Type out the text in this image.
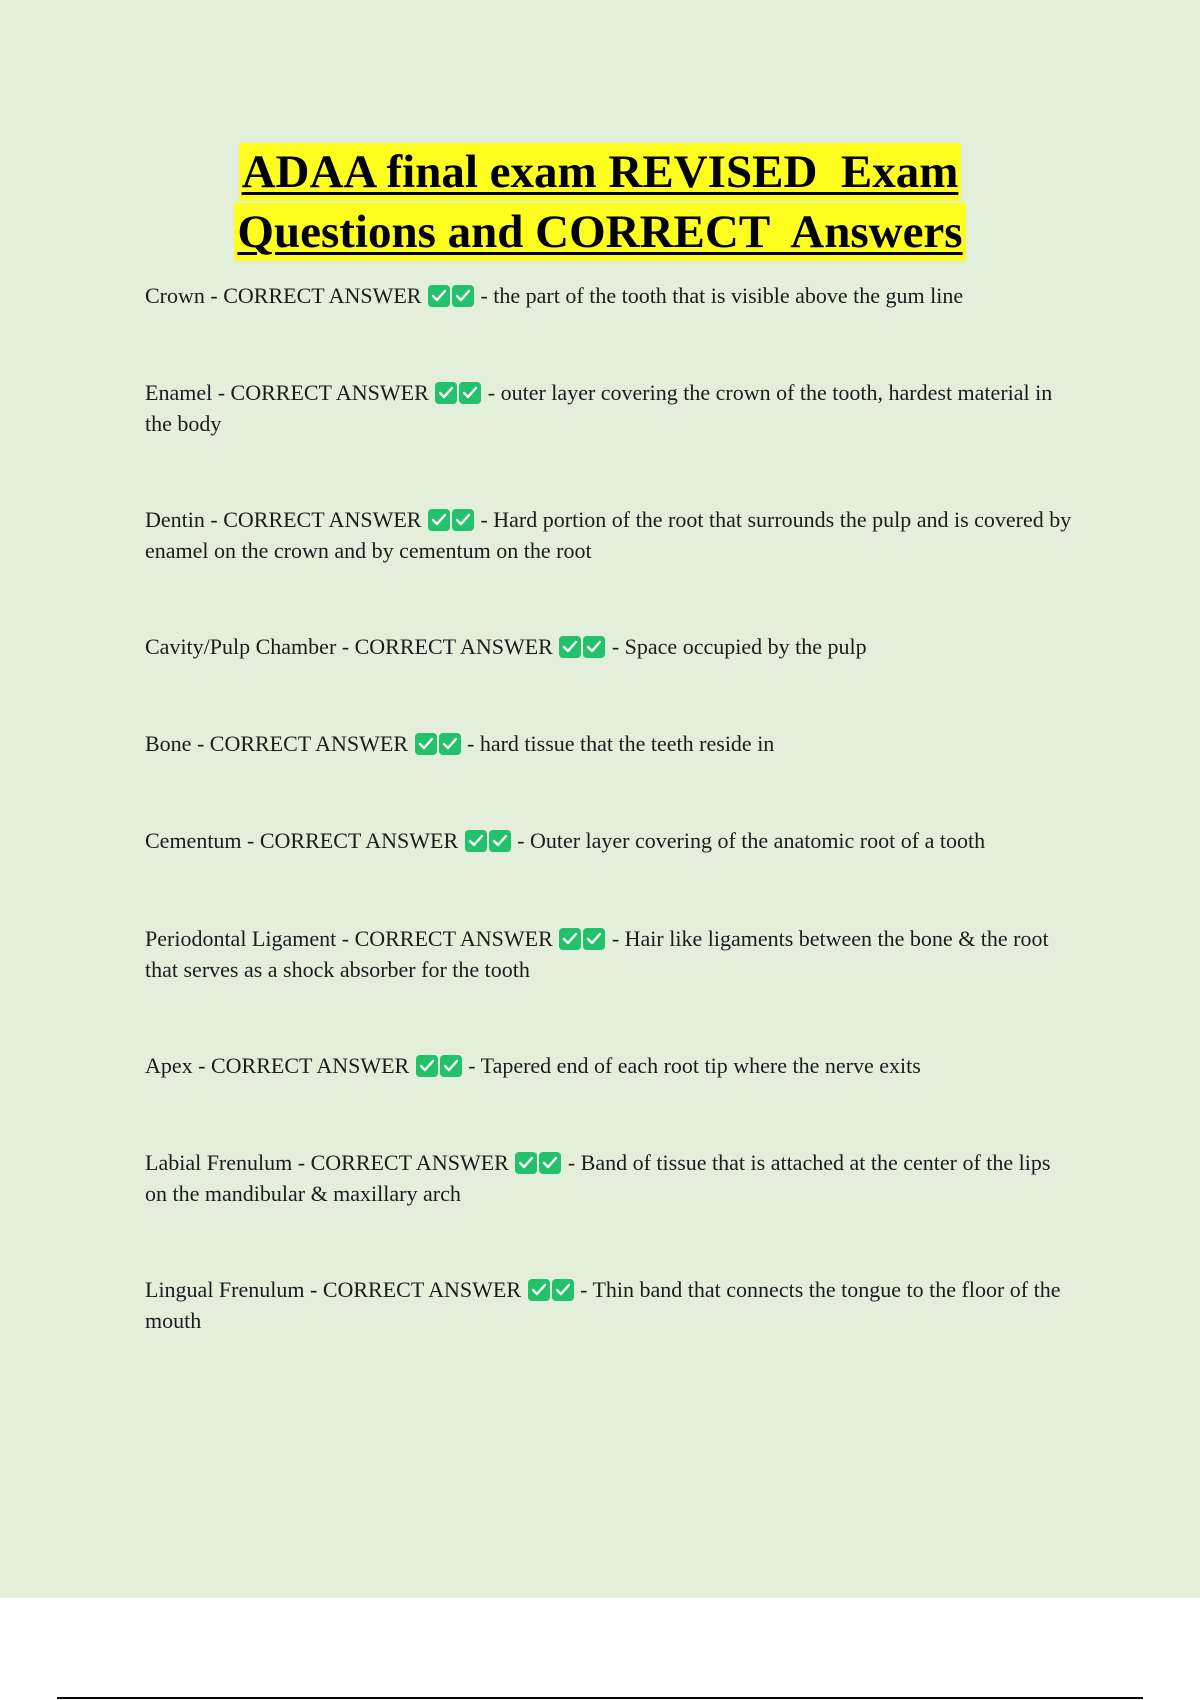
ADAA final exam REVISED  Exam
Questions and CORRECT  Answers
Crown - CORRECT ANSWER
- the part of the tooth that is visible above the gum line
Enamel - CORRECT ANSWER
- outer layer covering the crown of the tooth, hardest material in the body
Dentin - CORRECT ANSWER
- Hard portion of the root that surrounds the pulp and is covered by enamel on the crown and by cementum on the root
Cavity/Pulp Chamber - CORRECT ANSWER
- Space occupied by the pulp
Bone - CORRECT ANSWER
- hard tissue that the teeth reside in
Cementum - CORRECT ANSWER
- Outer layer covering of the anatomic root of a tooth
Periodontal Ligament - CORRECT ANSWER
- Hair like ligaments between the bone & the root that serves as a shock absorber for the tooth
Apex - CORRECT ANSWER
- Tapered end of each root tip where the nerve exits
Labial Frenulum - CORRECT ANSWER
- Band of tissue that is attached at the center of the lips on the mandibular & maxillary arch
Lingual Frenulum - CORRECT ANSWER
- Thin band that connects the tongue to the floor of the mouth
